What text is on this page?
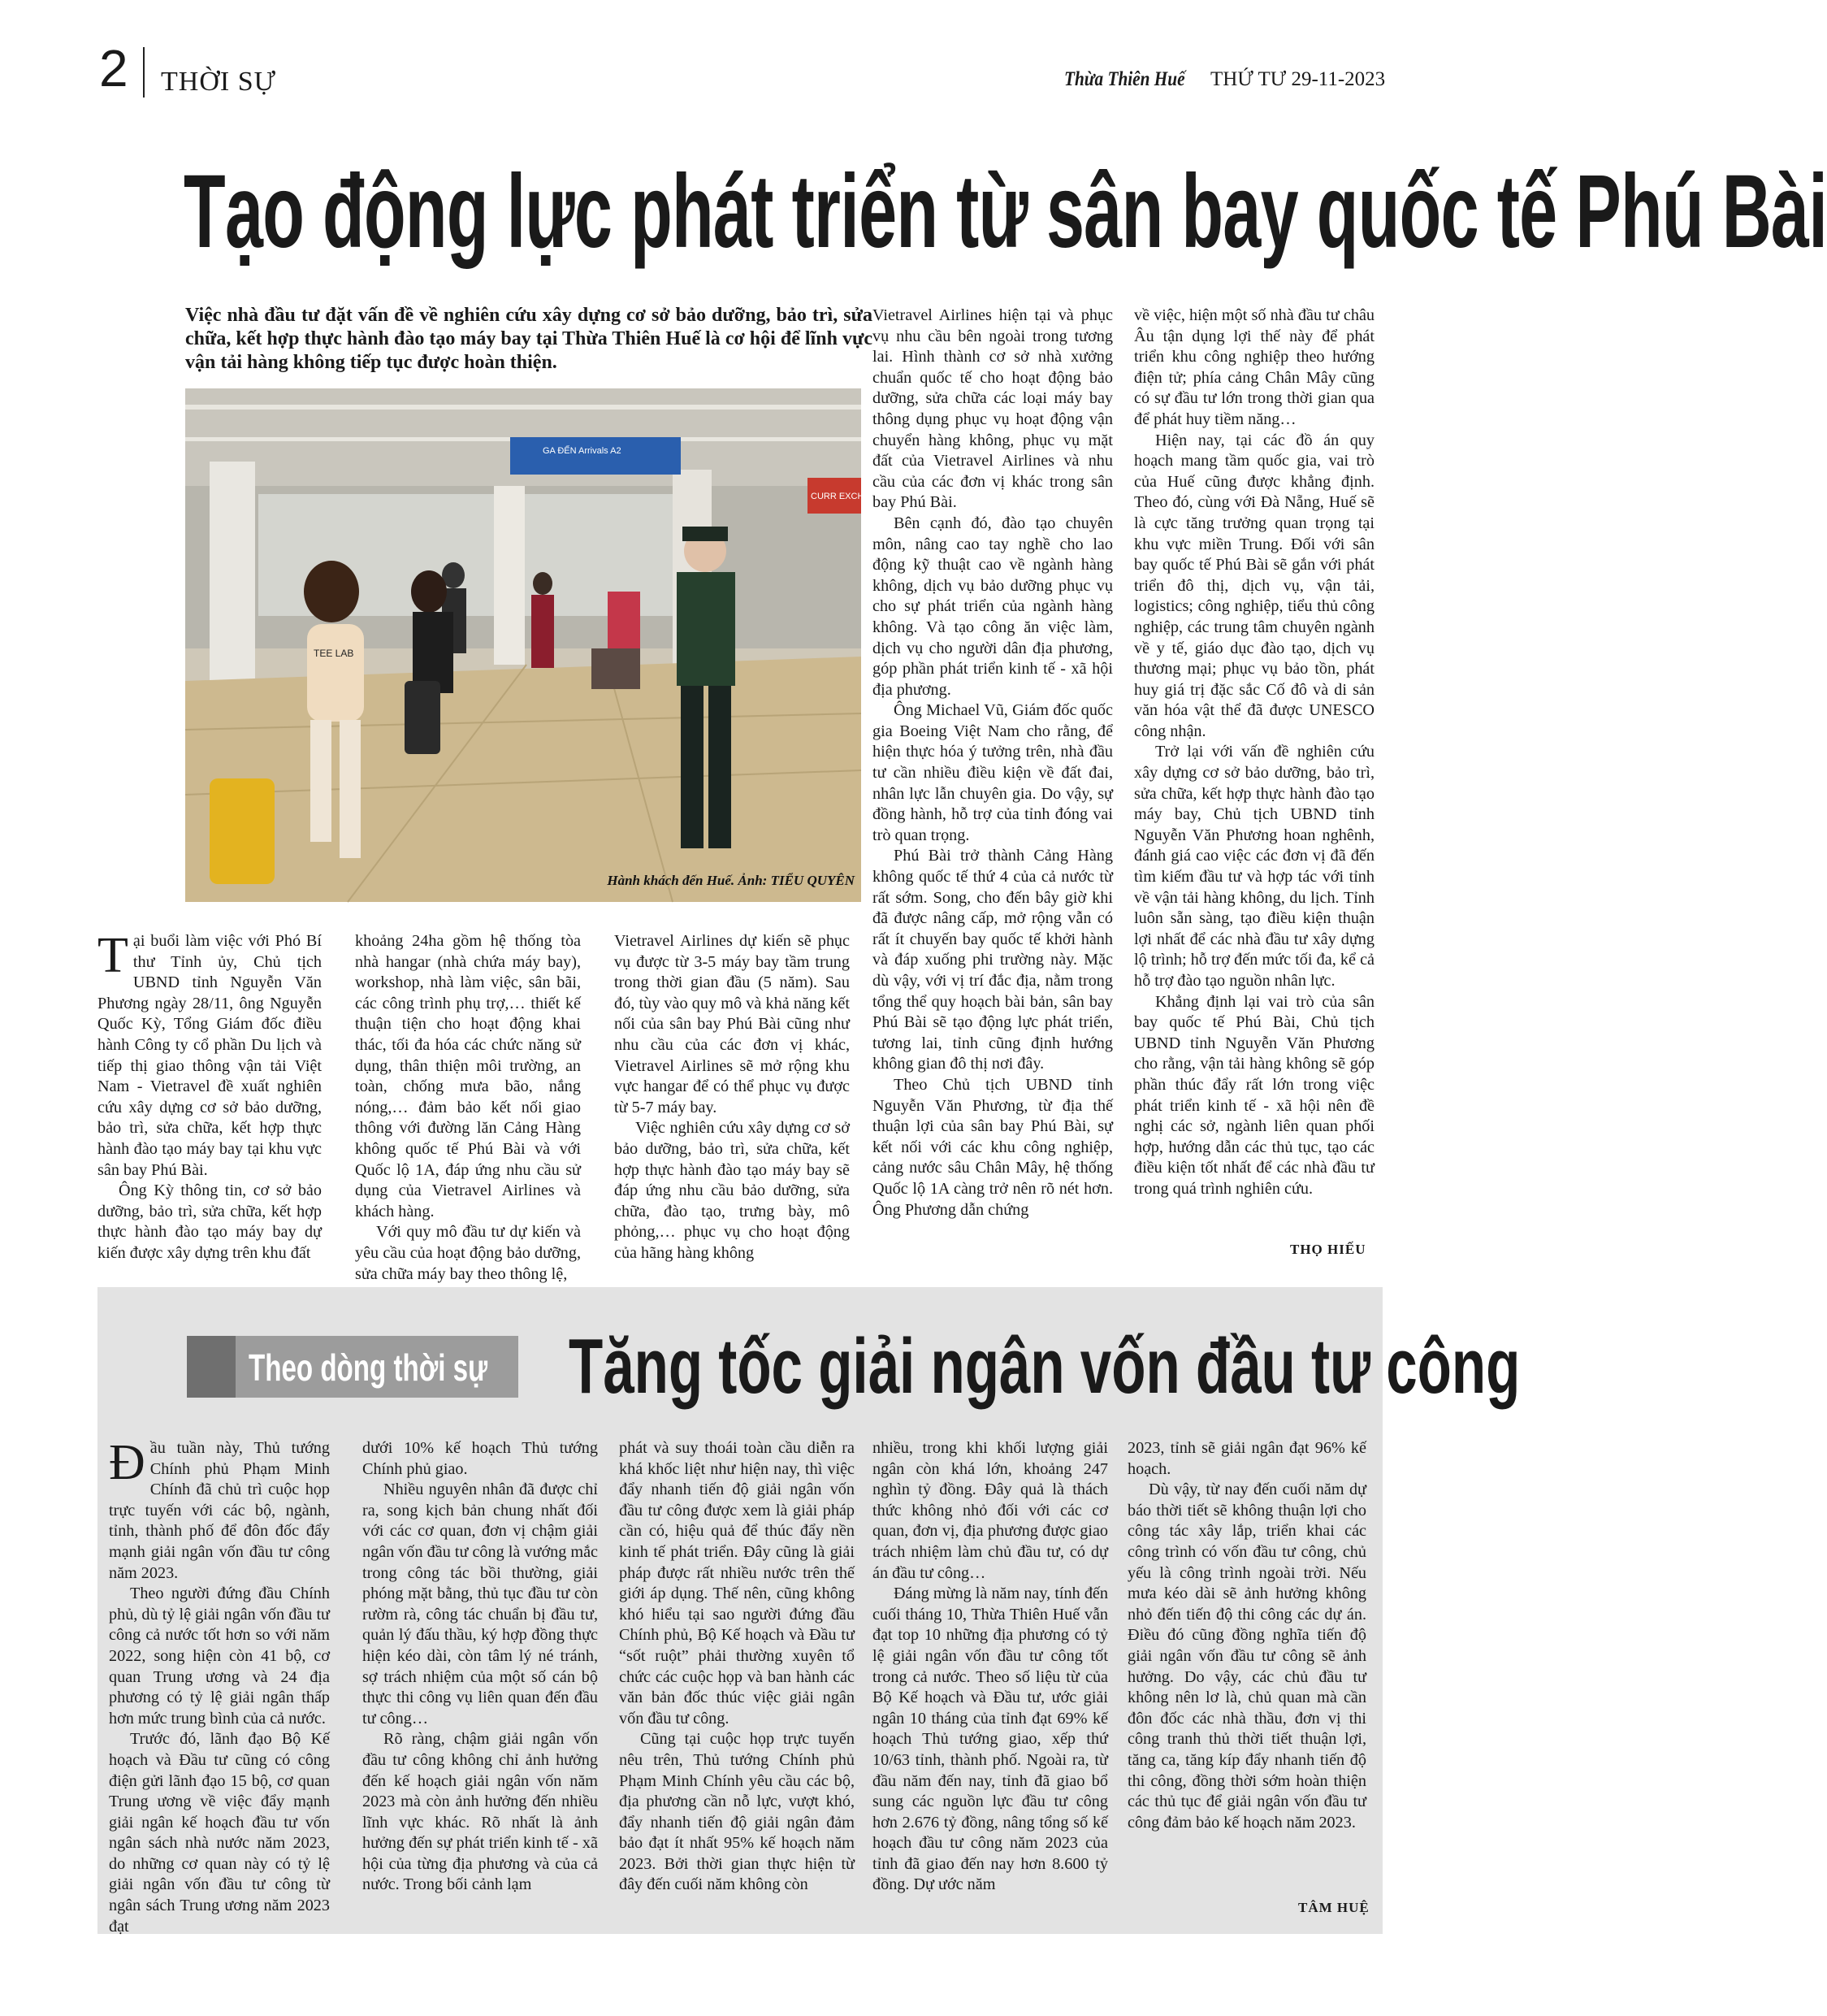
2 THỜI SỰ	Thừa Thiên Huế THỨ TƯ 29-11-2023
Tạo động lực phát triển từ sân bay quốc tế Phú Bài
Việc nhà đầu tư đặt vấn đề về nghiên cứu xây dựng cơ sở bảo dưỡng, bảo trì, sửa chữa, kết hợp thực hành đào tạo máy bay tại Thừa Thiên Huế là cơ hội để lĩnh vực vận tải hàng không tiếp tục được hoàn thiện.
GA ĐẾN Arrivals A2
CURR EXCH
TEE LAB
Hành khách đến Huế. Ảnh: TIỂU QUYÊN

Tại buổi làm việc với Phó Bí thư Tỉnh ủy, Chủ tịch UBND tỉnh Nguyễn Văn Phương ngày 28/11, ông Nguyễn Quốc Kỳ, Tổng Giám đốc điều hành Công ty cổ phần Du lịch và tiếp thị giao thông vận tải Việt Nam - Vietravel đề xuất nghiên cứu xây dựng cơ sở bảo dưỡng, bảo trì, sửa chữa, kết hợp thực hành đào tạo máy bay tại khu vực sân bay Phú Bài.

Ông Kỳ thông tin, cơ sở bảo dưỡng, bảo trì, sửa chữa, kết hợp thực hành đào tạo máy bay dự kiến được xây dựng trên khu đất

khoảng 24ha gồm hệ thống tòa nhà hangar (nhà chứa máy bay), workshop, nhà làm việc, sân bãi, các công trình phụ trợ,… thiết kế thuận tiện cho hoạt động khai thác, tối đa hóa các chức năng sử dụng, thân thiện môi trường, an toàn, chống mưa bão, nắng nóng,… đảm bảo kết nối giao thông với đường lăn Cảng Hàng không quốc tế Phú Bài và với Quốc lộ 1A, đáp ứng nhu cầu sử dụng của Vietravel Airlines và khách hàng.

Với quy mô đầu tư dự kiến và yêu cầu của hoạt động bảo dưỡng, sửa chữa máy bay theo thông lệ,

Vietravel Airlines dự kiến sẽ phục vụ được từ 3-5 máy bay tầm trung trong thời gian đầu (5 năm). Sau đó, tùy vào quy mô và khả năng kết nối của sân bay Phú Bài cũng như nhu cầu của các đơn vị khác, Vietravel Airlines sẽ mở rộng khu vực hangar để có thể phục vụ được từ 5-7 máy bay.

Việc nghiên cứu xây dựng cơ sở bảo dưỡng, bảo trì, sửa chữa, kết hợp thực hành đào tạo máy bay sẽ đáp ứng nhu cầu bảo dưỡng, sửa chữa, đào tạo, trưng bày, mô phỏng,… phục vụ cho hoạt động của hãng hàng không

Vietravel Airlines hiện tại và phục vụ nhu cầu bên ngoài trong tương lai. Hình thành cơ sở nhà xưởng chuẩn quốc tế cho hoạt động bảo dưỡng, sửa chữa các loại máy bay thông dụng phục vụ hoạt động vận chuyển hàng không, phục vụ mặt đất của Vietravel Airlines và nhu cầu của các đơn vị khác trong sân bay Phú Bài.

Bên cạnh đó, đào tạo chuyên môn, nâng cao tay nghề cho lao động kỹ thuật cao về ngành hàng không, dịch vụ bảo dưỡng phục vụ cho sự phát triển của ngành hàng không. Và tạo công ăn việc làm, dịch vụ cho người dân địa phương, góp phần phát triển kinh tế - xã hội địa phương.

Ông Michael Vũ, Giám đốc quốc gia Boeing Việt Nam cho rằng, để hiện thực hóa ý tưởng trên, nhà đầu tư cần nhiều điều kiện về đất đai, nhân lực lẫn chuyên gia. Do vậy, sự đồng hành, hỗ trợ của tỉnh đóng vai trò quan trọng.

Phú Bài trở thành Cảng Hàng không quốc tế thứ 4 của cả nước từ rất sớm. Song, cho đến bây giờ khi đã được nâng cấp, mở rộng vẫn có rất ít chuyến bay quốc tế khởi hành và đáp xuống phi trường này. Mặc dù vậy, với vị trí đắc địa, nằm trong tổng thể quy hoạch bài bản, sân bay Phú Bài sẽ tạo động lực phát triển, tương lai, tỉnh cũng định hướng không gian đô thị nơi đây.

Theo Chủ tịch UBND tỉnh Nguyễn Văn Phương, từ địa thế thuận lợi của sân bay Phú Bài, sự kết nối với các khu công nghiệp, cảng nước sâu Chân Mây, hệ thống Quốc lộ 1A càng trở nên rõ nét hơn. Ông Phương dẫn chứng

về việc, hiện một số nhà đầu tư châu Âu tận dụng lợi thế này để phát triển khu công nghiệp theo hướng điện tử; phía cảng Chân Mây cũng có sự đầu tư lớn trong thời gian qua để phát huy tiềm năng…

Hiện nay, tại các đồ án quy hoạch mang tầm quốc gia, vai trò của Huế cũng được khẳng định. Theo đó, cùng với Đà Nẵng, Huế sẽ là cực tăng trưởng quan trọng tại khu vực miền Trung. Đối với sân bay quốc tế Phú Bài sẽ gắn với phát triển đô thị, dịch vụ, vận tải, logistics; công nghiệp, tiểu thủ công nghiệp, các trung tâm chuyên ngành về y tế, giáo dục đào tạo, dịch vụ thương mại; phục vụ bảo tồn, phát huy giá trị đặc sắc Cố đô và di sản văn hóa vật thể đã được UNESCO công nhận.

Trở lại với vấn đề nghiên cứu xây dựng cơ sở bảo dưỡng, bảo trì, sửa chữa, kết hợp thực hành đào tạo máy bay, Chủ tịch UBND tỉnh Nguyễn Văn Phương hoan nghênh, đánh giá cao việc các đơn vị đã đến tìm kiếm đầu tư và hợp tác với tỉnh về vận tải hàng không, du lịch. Tỉnh luôn sẵn sàng, tạo điều kiện thuận lợi nhất để các nhà đầu tư xây dựng lộ trình; hỗ trợ đến mức tối đa, kể cả hỗ trợ đào tạo nguồn nhân lực.

Khẳng định lại vai trò của sân bay quốc tế Phú Bài, Chủ tịch UBND tỉnh Nguyễn Văn Phương cho rằng, vận tải hàng không sẽ góp phần thúc đẩy rất lớn trong việc phát triển kinh tế - xã hội nên đề nghị các sở, ngành liên quan phối hợp, hướng dẫn các thủ tục, tạo các điều kiện tốt nhất để các nhà đầu tư trong quá trình nghiên cứu.

THỌ HIẾU
Theo dòng thời sự Tăng tốc giải ngân vốn đầu tư công

Đầu tuần này, Thủ tướng Chính phủ Phạm Minh Chính đã chủ trì cuộc họp trực tuyến với các bộ, ngành, tỉnh, thành phố để đôn đốc đẩy mạnh giải ngân vốn đầu tư công năm 2023.

Theo người đứng đầu Chính phủ, dù tỷ lệ giải ngân vốn đầu tư công cả nước tốt hơn so với năm 2022, song hiện còn 41 bộ, cơ quan Trung ương và 24 địa phương có tỷ lệ giải ngân thấp hơn mức trung bình của cả nước.

Trước đó, lãnh đạo Bộ Kế hoạch và Đầu tư cũng có công điện gửi lãnh đạo 15 bộ, cơ quan Trung ương về việc đẩy mạnh giải ngân kế hoạch đầu tư vốn ngân sách nhà nước năm 2023, do những cơ quan này có tỷ lệ giải ngân vốn đầu tư công từ ngân sách Trung ương năm 2023 đạt

dưới 10% kế hoạch Thủ tướng Chính phủ giao.

Nhiều nguyên nhân đã được chỉ ra, song kịch bản chung nhất đối với các cơ quan, đơn vị chậm giải ngân vốn đầu tư công là vướng mắc trong công tác bồi thường, giải phóng mặt bằng, thủ tục đầu tư còn rườm rà, công tác chuẩn bị đầu tư, quản lý đấu thầu, ký hợp đồng thực hiện kéo dài, còn tâm lý né tránh, sợ trách nhiệm của một số cán bộ thực thi công vụ liên quan đến đầu tư công…

Rõ ràng, chậm giải ngân vốn đầu tư công không chỉ ảnh hưởng đến kế hoạch giải ngân vốn năm 2023 mà còn ảnh hưởng đến nhiều lĩnh vực khác. Rõ nhất là ảnh hưởng đến sự phát triển kinh tế - xã hội của từng địa phương và của cả nước. Trong bối cảnh lạm

phát và suy thoái toàn cầu diễn ra khá khốc liệt như hiện nay, thì việc đẩy nhanh tiến độ giải ngân vốn đầu tư công được xem là giải pháp cần có, hiệu quả để thúc đẩy nền kinh tế phát triển. Đây cũng là giải pháp được rất nhiều nước trên thế giới áp dụng. Thế nên, cũng không khó hiểu tại sao người đứng đầu Chính phủ, Bộ Kế hoạch và Đầu tư “sốt ruột” phải thường xuyên tổ chức các cuộc họp và ban hành các văn bản đốc thúc việc giải ngân vốn đầu tư công.

Cũng tại cuộc họp trực tuyến nêu trên, Thủ tướng Chính phủ Phạm Minh Chính yêu cầu các bộ, địa phương cần nỗ lực, vượt khó, đẩy nhanh tiến độ giải ngân đảm bảo đạt ít nhất 95% kế hoạch năm 2023. Bởi thời gian thực hiện từ đây đến cuối năm không còn

nhiều, trong khi khối lượng giải ngân còn khá lớn, khoảng 247 nghìn tỷ đồng. Đây quả là thách thức không nhỏ đối với các cơ quan, đơn vị, địa phương được giao trách nhiệm làm chủ đầu tư, có dự án đầu tư công…

Đáng mừng là năm nay, tính đến cuối tháng 10, Thừa Thiên Huế vẫn đạt top 10 những địa phương có tỷ lệ giải ngân vốn đầu tư công tốt trong cả nước. Theo số liệu từ của Bộ Kế hoạch và Đầu tư, ước giải ngân 10 tháng của tỉnh đạt 69% kế hoạch Thủ tướng giao, xếp thứ 10/63 tỉnh, thành phố. Ngoài ra, từ đầu năm đến nay, tỉnh đã giao bổ sung các nguồn lực đầu tư công hơn 2.676 tỷ đồng, nâng tổng số kế hoạch đầu tư công năm 2023 của tỉnh đã giao đến nay hơn 8.600 tỷ đồng. Dự ước năm

2023, tỉnh sẽ giải ngân đạt 96% kế hoạch.

Dù vậy, từ nay đến cuối năm dự báo thời tiết sẽ không thuận lợi cho công tác xây lắp, triển khai các công trình có vốn đầu tư công, chủ yếu là công trình ngoài trời. Nếu mưa kéo dài sẽ ảnh hưởng không nhỏ đến tiến độ thi công các dự án. Điều đó cũng đồng nghĩa tiến độ giải ngân vốn đầu tư công sẽ ảnh hưởng. Do vậy, các chủ đầu tư không nên lơ là, chủ quan mà cần đôn đốc các nhà thầu, đơn vị thi công tranh thủ thời tiết thuận lợi, tăng ca, tăng kíp đẩy nhanh tiến độ thi công, đồng thời sớm hoàn thiện các thủ tục để giải ngân vốn đầu tư công đảm bảo kế hoạch năm 2023.

TÂM HUỆ
